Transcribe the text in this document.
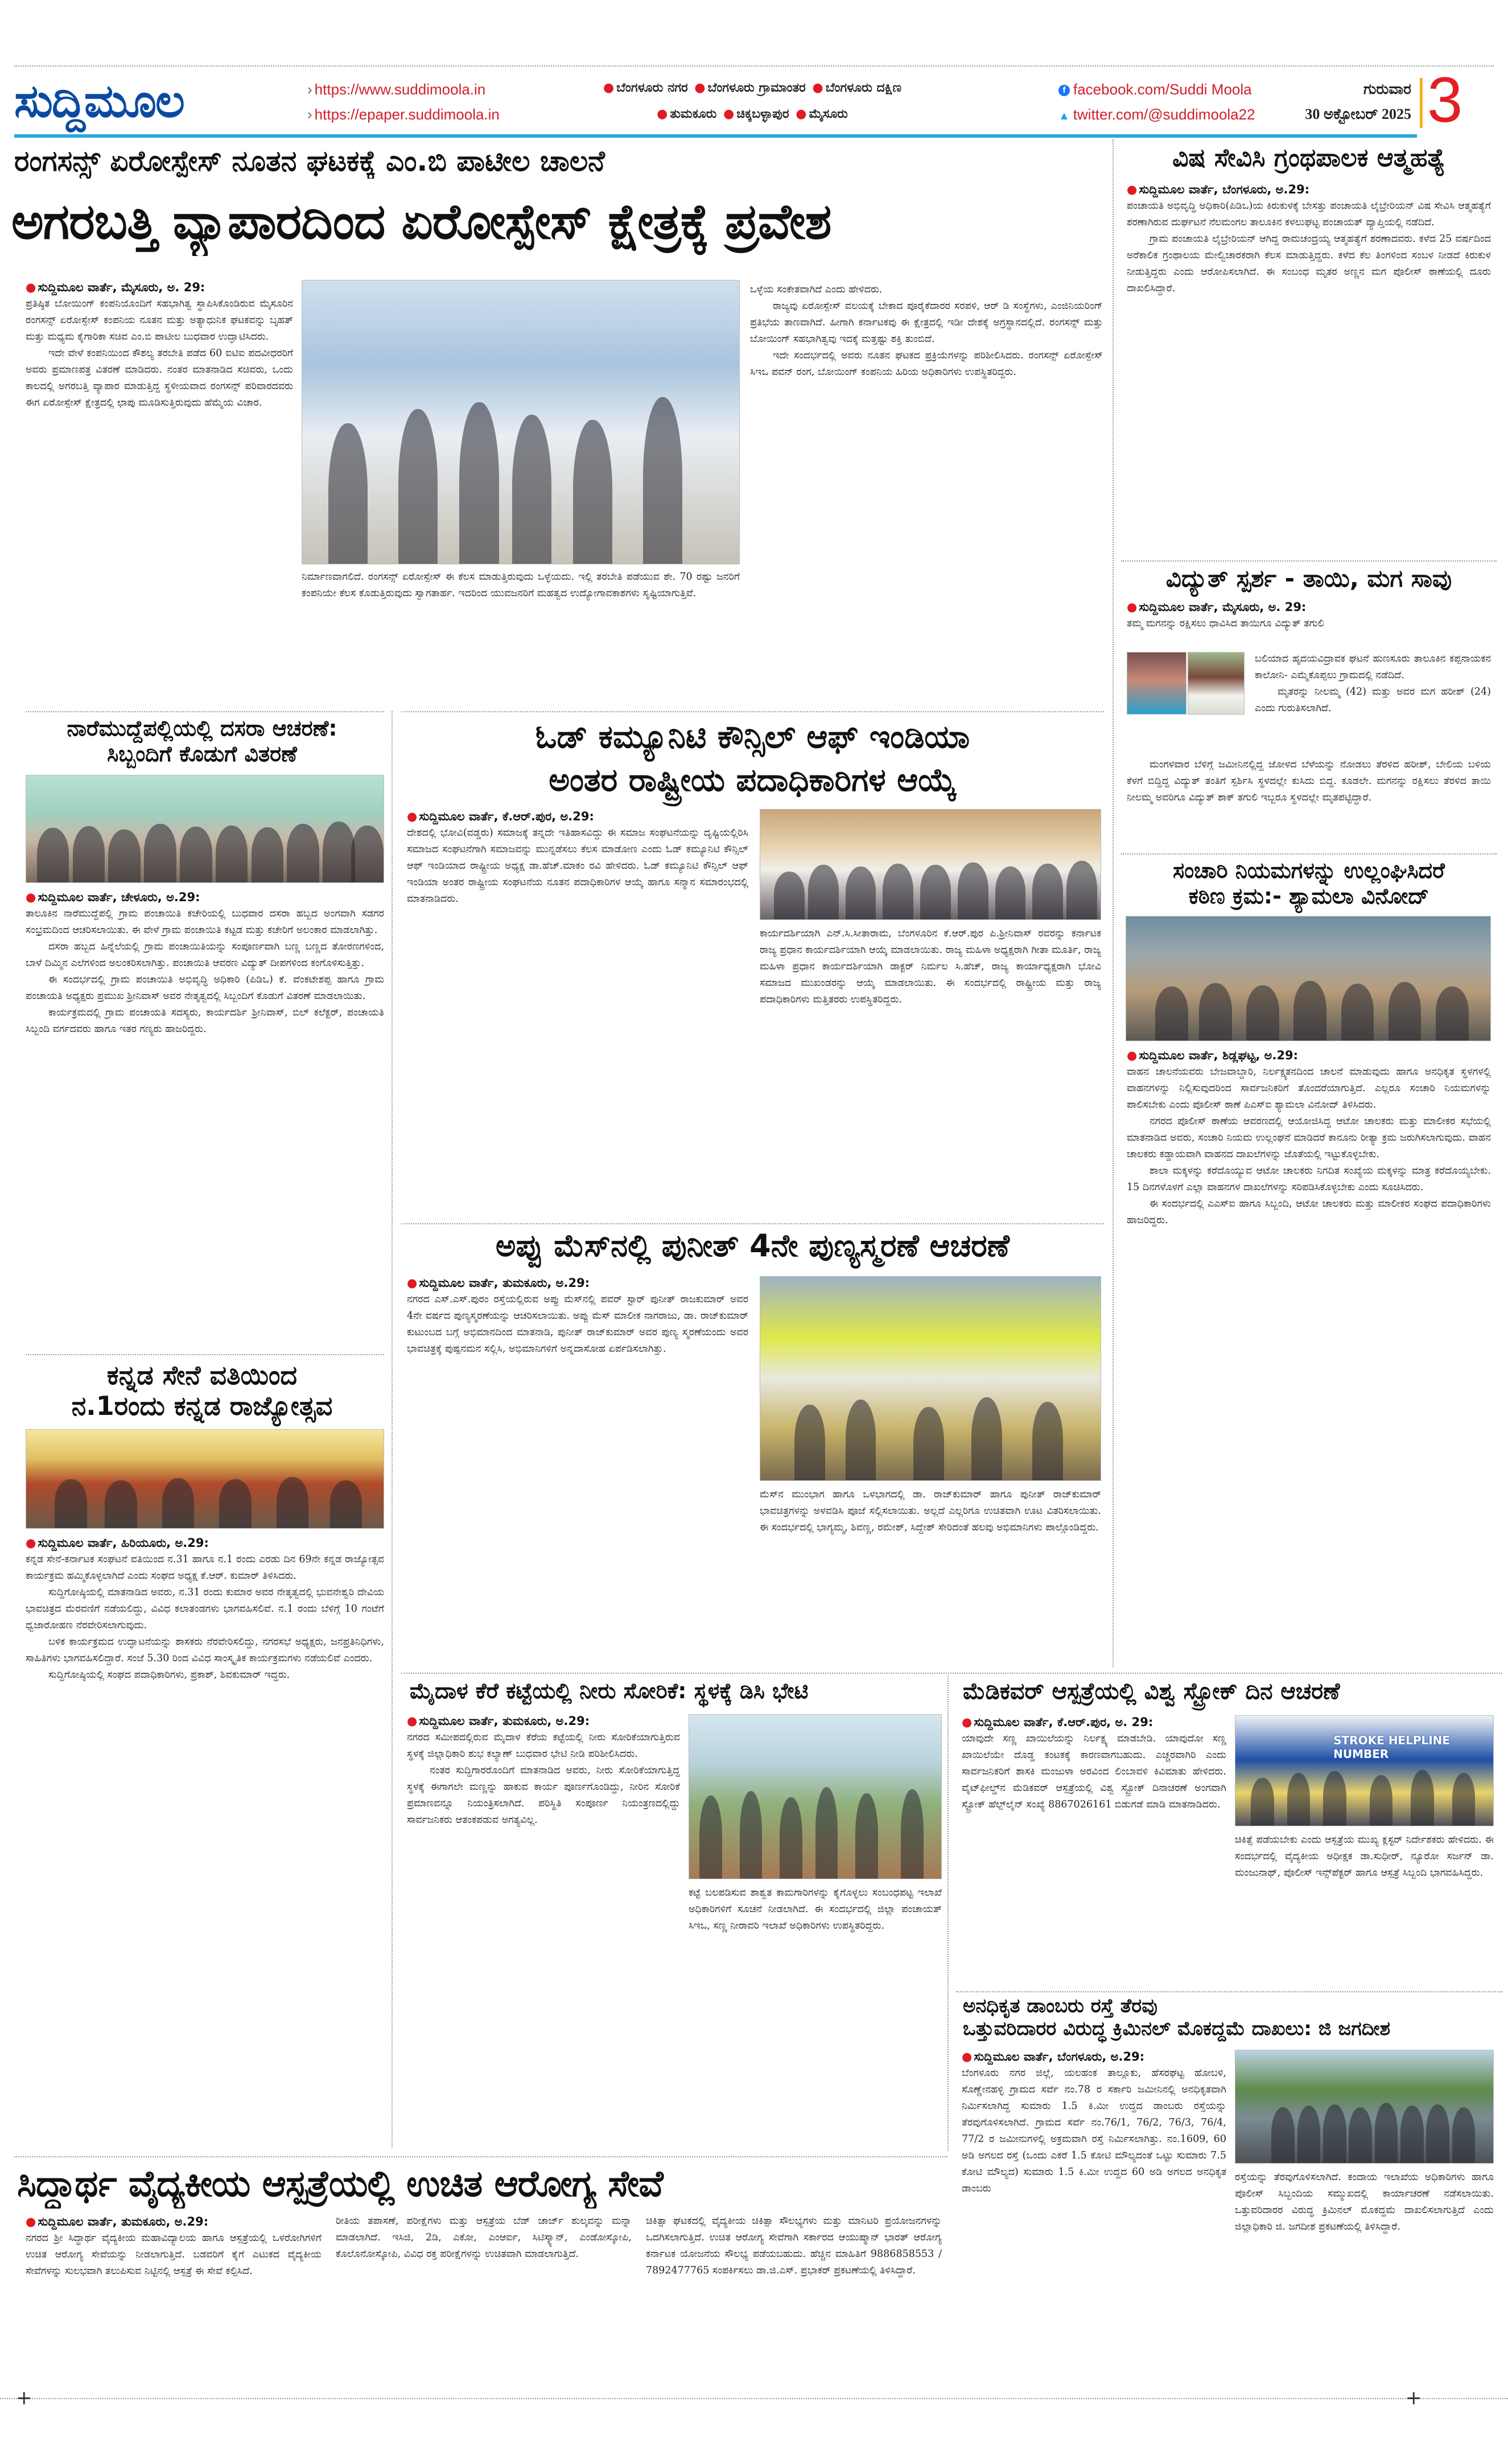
ಸುದ್ದಿಮೂಲ	› https://www.suddimoola.in
› https://epaper.suddimoola.in
● ಬೆಂಗಳೂರು ನಗರ ● ಬೆಂಗಳೂರು ಗ್ರಾಮಾಂತರ ● ಬೆಂಗಳೂರು ದಕ್ಷಿಣ
● ತುಮಕೂರು ● ಚಿಕ್ಕಬಳ್ಳಾಪುರ ● ಮೈಸೂರು
f facebook.com/Suddi Moola
▲ twitter.com/@suddimoola22
ಗುರುವಾರ
30 ಅಕ್ಟೋಬರ್ 2025 3
ರಂಗಸನ್ಸ್ ಏರೋಸ್ಪೇಸ್ ನೂತನ ಘಟಕಕ್ಕೆ ಎಂ.ಬಿ ಪಾಟೀಲ ಚಾಲನೆ
ಅಗರಬತ್ತಿ ವ್ಯಾಪಾರದಿಂದ ಏರೋಸ್ಪೇಸ್ ಕ್ಷೇತ್ರಕ್ಕೆ ಪ್ರವೇಶ
● ಸುದ್ದಿಮೂಲ ವಾರ್ತೆ, ಮೈಸೂರು, ಅ. 29:

ಪ್ರತಿಷ್ಠಿತ ಬೋಯಿಂಗ್ ಕಂಪನಿಯೊಂದಿಗೆ ಸಹಭಾಗಿತ್ವ ಸ್ಥಾಪಿಸಿಕೊಂಡಿರುವ ಮೈಸೂರಿನ ರಂಗಸನ್ಸ್ ಏರೋಸ್ಪೇಸ್ ಕಂಪನಿಯ ನೂತನ ಮತ್ತು ಅತ್ಯಾಧುನಿಕ ಘಟಕವನ್ನು ಬೃಹತ್ ಮತ್ತು ಮಧ್ಯಮ ಕೈಗಾರಿಕಾ ಸಚಿವ ಎಂ.ಬಿ ಪಾಟೀಲ ಬುಧವಾರ ಉದ್ಘಾಟಿಸಿದರು.

ಇದೇ ವೇಳೆ ಕಂಪನಿಯಿಂದ ಕೌಶಲ್ಯ ತರಬೇತಿ ಪಡೆದ 60 ಐಟಿಐ ಪದವೀಧರರಿಗೆ ಅವರು ಪ್ರಮಾಣಪತ್ರ ವಿತರಣೆ ಮಾಡಿದರು. ನಂತರ ಮಾತನಾಡಿದ ಸಚಿವರು, ಒಂದು ಕಾಲದಲ್ಲಿ ಅಗರಬತ್ತಿ ವ್ಯಾಪಾರ ಮಾಡುತ್ತಿದ್ದ ಸ್ಥಳೀಯವಾದ ರಂಗಸನ್ಸ್ ಪರಿವಾರದವರು ಈಗ ಏರೋಸ್ಪೇಸ್ ಕ್ಷೇತ್ರದಲ್ಲಿ ಛಾಪು ಮೂಡಿಸುತ್ತಿರುವುದು ಹೆಮ್ಮೆಯ ವಿಚಾರ.

ನಿರ್ಮಾಣವಾಗಲಿದೆ. ರಂಗಸನ್ಸ್ ಏರೋಸ್ಪೇಸ್ ಈ ಕೆಲಸ ಮಾಡುತ್ತಿರುವುದು ಒಳ್ಳೆಯದು. ಇಲ್ಲಿ ತರಬೇತಿ ಪಡೆಯುವ ಶೇ. 70 ರಷ್ಟು ಜನರಿಗೆ ಕಂಪನಿಯೇ ಕೆಲಸ ಕೊಡುತ್ತಿರುವುದು ಸ್ವಾಗತಾರ್ಹ. ಇದರಿಂದ ಯುವಜನರಿಗೆ ಮಹತ್ವದ ಉದ್ಯೋಗಾವಕಾಶಗಳು ಸೃಷ್ಟಿಯಾಗುತ್ತಿವೆ.

ಒಳ್ಳೆಯ ಸಂಕೇತವಾಗಿದೆ ಎಂದು ಹೇಳಿದರು.

ರಾಜ್ಯವು ಏರೋಸ್ಪೇಸ್ ವಲಯಕ್ಕೆ ಬೇಕಾದ ಪೂರೈಕೆದಾರರ ಸರಪಳಿ, ಆರ್ ಡಿ ಸಂಸ್ಥೆಗಳು, ಎಂಜಿನಿಯರಿಂಗ್ ಪ್ರತಿಭೆಯ ತಾಣವಾಗಿದೆ. ಹೀಗಾಗಿ ಕರ್ನಾಟಕವು ಈ ಕ್ಷೇತ್ರದಲ್ಲಿ ಇಡೀ ದೇಶಕ್ಕೆ ಅಗ್ರಸ್ಥಾನದಲ್ಲಿದೆ. ರಂಗಸನ್ಸ್ ಮತ್ತು ಬೋಯಿಂಗ್ ಸಹಭಾಗಿತ್ವವು ಇದಕ್ಕೆ ಮತ್ತಷ್ಟು ಶಕ್ತಿ ತುಂಬಿದೆ.

ಇದೇ ಸಂದರ್ಭದಲ್ಲಿ ಅವರು ನೂತನ ಘಟಕದ ಪ್ರಕ್ರಿಯೆಗಳನ್ನು ಪರಿಶೀಲಿಸಿದರು. ರಂಗಸನ್ಸ್ ಏರೋಸ್ಪೇಸ್ ಸಿಇಒ ಪವನ್ ರಂಗ, ಬೋಯಿಂಗ್ ಕಂಪನಿಯ ಹಿರಿಯ ಅಧಿಕಾರಿಗಳು ಉಪಸ್ಥಿತರಿದ್ದರು.

ವಿಷ ಸೇವಿಸಿ ಗ್ರಂಥಪಾಲಕ ಆತ್ಮಹತ್ಯೆ
● ಸುದ್ದಿಮೂಲ ವಾರ್ತೆ, ಬೆಂಗಳೂರು, ಅ.29:

ಪಂಚಾಯತಿ ಅಭಿವೃದ್ಧಿ ಅಧಿಕಾರಿ(ಪಿಡಿಒ)ಯ ಕಿರುಕುಳಕ್ಕೆ ಬೇಸತ್ತು ಪಂಚಾಯತಿ ಲೈಬ್ರೇರಿಯನ್ ವಿಷ ಸೇವಿಸಿ ಆತ್ಮಹತ್ಯೆಗೆ ಶರಣಾಗಿರುವ ದುರ್ಘಟನೆ ನೆಲಮಂಗಲ ತಾಲೂಕಿನ ಕಳಲುಘಟ್ಟ ಪಂಚಾಯತ್ ವ್ಯಾಪ್ತಿಯಲ್ಲಿ ನಡೆದಿದೆ.

ಗ್ರಾಮ ಪಂಚಾಯತಿ ಲೈಬ್ರೇರಿಯನ್ ಆಗಿದ್ದ ರಾಮಚಂದ್ರಯ್ಯ ಆತ್ಮಹತ್ಯೆಗೆ ಶರಣಾದವರು. ಕಳೆದ 25 ವರ್ಷದಿಂದ ಅರೆಕಾಲಿಕ ಗ್ರಂಥಾಲಯ ಮೇಲ್ವಿಚಾರಕರಾಗಿ ಕೆಲಸ ಮಾಡುತ್ತಿದ್ದರು. ಕಳೆದ ಕೆಲ ತಿಂಗಳಿಂದ ಸಂಬಳ ನೀಡದೆ ಕಿರುಕುಳ ನೀಡುತ್ತಿದ್ದರು ಎಂದು ಆರೋಪಿಸಲಾಗಿದೆ. ಈ ಸಂಬಂಧ ಮೃತರ ಅಣ್ಣನ ಮಗ ಪೊಲೀಸ್ ಠಾಣೆಯಲ್ಲಿ ದೂರು ದಾಖಲಿಸಿದ್ದಾರೆ.

ವಿದ್ಯುತ್ ಸ್ಪರ್ಶ - ತಾಯಿ, ಮಗ ಸಾವು
● ಸುದ್ದಿಮೂಲ ವಾರ್ತೆ, ಮೈಸೂರು, ಅ. 29:

ತಮ್ಮ ಮಗನನ್ನು ರಕ್ಷಿಸಲು ಧಾವಿಸಿದ ತಾಯಿಗೂ ವಿದ್ಯುತ್ ತಗುಲಿ

ಬಲಿಯಾದ ಹೃದಯವಿದ್ರಾವಕ ಘಟನೆ ಹುಣಸೂರು ತಾಲೂಕಿನ ಕಪ್ಪನಾಯಕನ ಕಾಲೋನಿ- ಎಮ್ಮೆಕೊಪ್ಪಲು ಗ್ರಾಮದಲ್ಲಿ ನಡೆದಿದೆ.

ಮೃತರನ್ನು ನೀಲಮ್ಮ (42) ಮತ್ತು ಅವರ ಮಗ ಹರೀಶ್ (24) ಎಂದು ಗುರುತಿಸಲಾಗಿದೆ.

ಮಂಗಳವಾರ ಬೆಳಿಗ್ಗೆ ಜಮೀನಿನಲ್ಲಿದ್ದ ಜೋಳದ ಬೆಳೆಯನ್ನು ನೋಡಲು ತೆರಳಿದ ಹರೀಶ್, ಬೇಲಿಯ ಬಳಿಯ ಕೆಳಗೆ ಬಿದ್ದಿದ್ದ ವಿದ್ಯುತ್ ತಂತಿಗೆ ಸ್ಪರ್ಶಿಸಿ ಸ್ಥಳದಲ್ಲೇ ಕುಸಿದು ಬಿದ್ದ. ಕೂಡಲೇ. ಮಗನನ್ನು ರಕ್ಷಿಸಲು ತೆರಳಿದ ತಾಯಿ ನೀಲಮ್ಮ ಅವರಿಗೂ ವಿದ್ಯುತ್ ಶಾಕ್ ತಗುಲಿ ಇಬ್ಬರೂ ಸ್ಥಳದಲ್ಲೇ ಮೃತಪಟ್ಟಿದ್ದಾರೆ.

ಸಂಚಾರಿ ನಿಯಮಗಳನ್ನು ಉಲ್ಲಂಘಿಸಿದರೆ
ಕಠಿಣ ಕ್ರಮ:- ಶ್ಯಾಮಲಾ ವಿನೋದ್
● ಸುದ್ದಿಮೂಲ ವಾರ್ತೆ, ಶಿಡ್ಲಘಟ್ಟ, ಅ.29:

ವಾಹನ ಚಾಲನೆಯವರು ಬೇಜವಾಬ್ದಾರಿ, ನಿರ್ಲಕ್ಷ್ಯತನದಿಂದ ಚಾಲನೆ ಮಾಡುವುದು ಹಾಗೂ ಅನಧಿಕೃತ ಸ್ಥಳಗಳಲ್ಲಿ ವಾಹನಗಳನ್ನು ನಿಲ್ಲಿಸುವುದರಿಂದ ಸಾರ್ವಜನಿಕರಿಗೆ ತೊಂದರೆಯಾಗುತ್ತಿದೆ. ಎಲ್ಲರೂ ಸಂಚಾರಿ ನಿಯಮಗಳನ್ನು ಪಾಲಿಸಬೇಕು ಎಂದು ಪೊಲೀಸ್ ಠಾಣೆ ಪಿಎಸ್ಐ ಶ್ಯಾಮಲಾ ವಿನೋದ್ ತಿಳಿಸಿದರು.

ನಗರದ ಪೊಲೀಸ್ ಠಾಣೆಯ ಆವರಣದಲ್ಲಿ ಆಯೋಜಿಸಿದ್ದ ಆಟೋ ಚಾಲಕರು ಮತ್ತು ಮಾಲೀಕರ ಸಭೆಯಲ್ಲಿ ಮಾತನಾಡಿದ ಅವರು, ಸಂಚಾರಿ ನಿಯಮ ಉಲ್ಲಂಘನೆ ಮಾಡಿದರೆ ಕಾನೂನು ರೀತ್ಯಾ ಕ್ರಮ ಜರುಗಿಸಲಾಗುವುದು. ವಾಹನ ಚಾಲಕರು ಕಡ್ಡಾಯವಾಗಿ ವಾಹನದ ದಾಖಲೆಗಳನ್ನು ಜೊತೆಯಲ್ಲಿ ಇಟ್ಟುಕೊಳ್ಳಬೇಕು.

ಶಾಲಾ ಮಕ್ಕಳನ್ನು ಕರೆದೊಯ್ಯುವ ಆಟೋ ಚಾಲಕರು ನಿಗದಿತ ಸಂಖ್ಯೆಯ ಮಕ್ಕಳನ್ನು ಮಾತ್ರ ಕರೆದೊಯ್ಯಬೇಕು. 15 ದಿನಗಳೊಳಗೆ ಎಲ್ಲಾ ವಾಹನಗಳ ದಾಖಲೆಗಳನ್ನು ಸರಿಪಡಿಸಿಕೊಳ್ಳಬೇಕು ಎಂದು ಸೂಚಿಸಿದರು.

ಈ ಸಂದರ್ಭದಲ್ಲಿ ಎಎಸ್ಐ ಹಾಗೂ ಸಿಬ್ಬಂದಿ, ಆಟೋ ಚಾಲಕರು ಮತ್ತು ಮಾಲೀಕರ ಸಂಘದ ಪದಾಧಿಕಾರಿಗಳು ಹಾಜರಿದ್ದರು.

ನಾರೆಮುದ್ದೆಪಲ್ಲಿಯಲ್ಲಿ ದಸರಾ ಆಚರಣೆ:
ಸಿಬ್ಬಂದಿಗೆ ಕೊಡುಗೆ ವಿತರಣೆ
● ಸುದ್ದಿಮೂಲ ವಾರ್ತೆ, ಚೇಳೂರು, ಅ.29:

ತಾಲೂಕಿನ ನಾರೆಮುದ್ದೆಪಲ್ಲಿ ಗ್ರಾಮ ಪಂಚಾಯಿತಿ ಕಚೇರಿಯಲ್ಲಿ ಬುಧವಾರ ದಸರಾ ಹಬ್ಬದ ಅಂಗವಾಗಿ ಸಡಗರ ಸಂಭ್ರಮದಿಂದ ಆಚರಿಸಲಾಯಿತು. ಈ ವೇಳೆ ಗ್ರಾಮ ಪಂಚಾಯಿತಿ ಕಟ್ಟಡ ಮತ್ತು ಕಚೇರಿಗೆ ಅಲಂಕಾರ ಮಾಡಲಾಗಿತ್ತು.

ದಸರಾ ಹಬ್ಬದ ಹಿನ್ನೆಲೆಯಲ್ಲಿ ಗ್ರಾಮ ಪಂಚಾಯಿತಿಯನ್ನು ಸಂಪೂರ್ಣವಾಗಿ ಬಣ್ಣ ಬಣ್ಣದ ತೋರಣಗಳಿಂದ, ಬಾಳೆ ದಿಮ್ಮಿನ ಎಲೆಗಳಿಂದ ಅಲಂಕರಿಸಲಾಗಿತ್ತು. ಪಂಚಾಯಿತಿ ಆವರಣ ವಿದ್ಯುತ್ ದೀಪಗಳಿಂದ ಕಂಗೊಳಿಸುತ್ತಿತ್ತು.

ಈ ಸಂದರ್ಭದಲ್ಲಿ ಗ್ರಾಮ ಪಂಚಾಯಿತಿ ಅಭಿವೃದ್ಧಿ ಅಧಿಕಾರಿ (ಪಿಡಿಒ) ಕೆ. ವೆಂಕಟೇಶಪ್ಪ ಹಾಗೂ ಗ್ರಾಮ ಪಂಚಾಯತಿ ಅಧ್ಯಕ್ಷರು ಪ್ರಮುಖ ಶ್ರೀನಿವಾಸ್ ಅವರ ನೇತೃತ್ವದಲ್ಲಿ ಸಿಬ್ಬಂದಿಗೆ ಕೊಡುಗೆ ವಿತರಣೆ ಮಾಡಲಾಯಿತು.

ಕಾರ್ಯಕ್ರಮದಲ್ಲಿ ಗ್ರಾಮ ಪಂಚಾಯತಿ ಸದಸ್ಯರು, ಕಾರ್ಯದರ್ಶಿ ಶ್ರೀನಿವಾಸ್, ಬಿಲ್ ಕಲೆಕ್ಟರ್, ಪಂಚಾಯತಿ ಸಿಬ್ಬಂದಿ ವರ್ಗದವರು ಹಾಗೂ ಇತರ ಗಣ್ಯರು ಹಾಜರಿದ್ದರು.

ಕನ್ನಡ ಸೇನೆ ವತಿಯಿಂದ
ನ.1ರಂದು ಕನ್ನಡ ರಾಜ್ಯೋತ್ಸವ
● ಸುದ್ದಿಮೂಲ ವಾರ್ತೆ, ಹಿರಿಯೂರು, ಅ.29:

ಕನ್ನಡ ಸೇನೆ-ಕರ್ನಾಟಕ ಸಂಘಟನೆ ವತಿಯಿಂದ ನ.31 ಹಾಗೂ ನ.1 ರಂದು ಎರಡು ದಿನ 69ನೇ ಕನ್ನಡ ರಾಜ್ಯೋತ್ಸವ ಕಾರ್ಯಕ್ರಮ ಹಮ್ಮಿಕೊಳ್ಳಲಾಗಿದೆ ಎಂದು ಸಂಘದ ಅಧ್ಯಕ್ಷ ಕೆ.ಆರ್. ಕುಮಾರ್ ತಿಳಿಸಿದರು.

ಸುದ್ದಿಗೋಷ್ಠಿಯಲ್ಲಿ ಮಾತನಾಡಿದ ಅವರು, ನ.31 ರಂದು ಕುಮಾರ ಅವರ ನೇತೃತ್ವದಲ್ಲಿ ಭುವನೇಶ್ವರಿ ದೇವಿಯ ಭಾವಚಿತ್ರದ ಮೆರವಣಿಗೆ ನಡೆಯಲಿದ್ದು, ವಿವಿಧ ಕಲಾತಂಡಗಳು ಭಾಗವಹಿಸಲಿವೆ. ನ.1 ರಂದು ಬೆಳಿಗ್ಗೆ 10 ಗಂಟೆಗೆ ಧ್ವಜಾರೋಹಣ ನೆರವೇರಿಸಲಾಗುವುದು.

ಬಳಿಕ ಕಾರ್ಯಕ್ರಮದ ಉದ್ಘಾಟನೆಯನ್ನು ಶಾಸಕರು ನೆರವೇರಿಸಲಿದ್ದು, ನಗರಸಭೆ ಅಧ್ಯಕ್ಷರು, ಜನಪ್ರತಿನಿಧಿಗಳು, ಸಾಹಿತಿಗಳು ಭಾಗವಹಿಸಲಿದ್ದಾರೆ. ಸಂಜೆ 5.30 ರಿಂದ ವಿವಿಧ ಸಾಂಸ್ಕೃತಿಕ ಕಾರ್ಯಕ್ರಮಗಳು ನಡೆಯಲಿವೆ ಎಂದರು.

ಸುದ್ದಿಗೋಷ್ಠಿಯಲ್ಲಿ ಸಂಘದ ಪದಾಧಿಕಾರಿಗಳು, ಪ್ರಕಾಶ್, ಶಿವಕುಮಾರ್ ಇದ್ದರು.

ಓಡ್ ಕಮ್ಯೂನಿಟಿ ಕೌನ್ಸಿಲ್ ಆಫ್ ಇಂಡಿಯಾ
ಅಂತರ ರಾಷ್ಟ್ರೀಯ ಪದಾಧಿಕಾರಿಗಳ ಆಯ್ಕೆ
● ಸುದ್ದಿಮೂಲ ವಾರ್ತೆ, ಕೆ.ಆರ್.ಪುರ, ಅ.29:

ದೇಶದಲ್ಲಿ ಭೋವಿ(ವಡ್ಡರು) ಸಮಾಜಕ್ಕೆ ತನ್ನದೇ ಇತಿಹಾಸವಿದ್ದು ಈ ಸಮಾಜ ಸಂಘಟನೆಯನ್ನು ದೃಷ್ಟಿಯಲ್ಲಿರಿಸಿ ಸಮಾಜದ ಸಂಘಟನೆಗಾಗಿ ಸಮಾಜವನ್ನು ಮುನ್ನಡೆಸಲು ಕೆಲಸ ಮಾಡೋಣ ಎಂದು ಓಡ್ ಕಮ್ಯೂನಿಟಿ ಕೌನ್ಸಿಲ್ ಆಫ್ ಇಂಡಿಯಾದ ರಾಷ್ಟ್ರೀಯ ಅಧ್ಯಕ್ಷ ಡಾ.ಹೆಚ್.ಮಾಕಂ ರವಿ ಹೇಳಿದರು. ಓಡ್ ಕಮ್ಯೂನಿಟಿ ಕೌನ್ಸಿಲ್ ಆಫ್ ಇಂಡಿಯಾ ಅಂತರ ರಾಷ್ಟ್ರೀಯ ಸಂಘಟನೆಯ ನೂತನ ಪದಾಧಿಕಾರಿಗಳ ಆಯ್ಕೆ ಹಾಗೂ ಸನ್ಮಾನ ಸಮಾರಂಭದಲ್ಲಿ ಮಾತನಾಡಿದರು.

ಕಾರ್ಯದರ್ಶಿಯಾಗಿ ಎನ್.ಸಿ.ಸೀತಾರಾಮ, ಬೆಂಗಳೂರಿನ ಕೆ.ಆರ್.ಪುರ ಪಿ.ಶ್ರೀನಿವಾಸ್ ರವರನ್ನು ಕರ್ನಾಟಕ ರಾಜ್ಯ ಪ್ರಧಾನ ಕಾರ್ಯದರ್ಶಿಯಾಗಿ ಆಯ್ಕೆ ಮಾಡಲಾಯಿತು. ರಾಜ್ಯ ಮಹಿಳಾ ಅಧ್ಯಕ್ಷರಾಗಿ ಗೀತಾ ಮೂರ್ತಿ, ರಾಜ್ಯ ಮಹಿಳಾ ಪ್ರಧಾನ ಕಾರ್ಯದರ್ಶಿಯಾಗಿ ಡಾಕ್ಟರ್ ನಿರ್ಮಲ ಸಿ.ಹೆಚ್, ರಾಜ್ಯ ಕಾರ್ಯಾಧ್ಯಕ್ಷರಾಗಿ ಭೋವಿ ಸಮಾಜದ ಮುಖಂಡರನ್ನು ಆಯ್ಕೆ ಮಾಡಲಾಯಿತು. ಈ ಸಂದರ್ಭದಲ್ಲಿ ರಾಷ್ಟ್ರೀಯ ಮತ್ತು ರಾಜ್ಯ ಪದಾಧಿಕಾರಿಗಳು ಮತ್ತಿತರರು ಉಪಸ್ಥಿತರಿದ್ದರು.

ಅಪ್ಪು ಮೆಸ್‌ನಲ್ಲಿ ಪುನೀತ್ 4ನೇ ಪುಣ್ಯಸ್ಮರಣೆ ಆಚರಣೆ
● ಸುದ್ದಿಮೂಲ ವಾರ್ತೆ, ತುಮಕೂರು, ಅ.29:

ನಗರದ ಎಸ್.ಎಸ್.ಪುರಂ ರಸ್ತೆಯಲ್ಲಿರುವ ಅಪ್ಪು ಮೆಸ್‌ನಲ್ಲಿ ಪವರ್ ಸ್ಟಾರ್ ಪುನೀತ್ ರಾಜಕುಮಾರ್ ಅವರ 4ನೇ ವರ್ಷದ ಪುಣ್ಯಸ್ಮರಣೆಯನ್ನು ಆಚರಿಸಲಾಯಿತು. ಅಪ್ಪು ಮೆಸ್ ಮಾಲೀಕ ನಾಗರಾಜು, ಡಾ. ರಾಜ್‌ಕುಮಾರ್ ಕುಟುಂಬದ ಬಗ್ಗೆ ಅಭಿಮಾನದಿಂದ ಮಾತನಾಡಿ, ಪುನೀತ್ ರಾಜ್‌ಕುಮಾರ್ ಅವರ ಪುಣ್ಯ ಸ್ಮರಣೆಯಂದು ಅವರ ಭಾವಚಿತ್ರಕ್ಕೆ ಪುಷ್ಪನಮನ ಸಲ್ಲಿಸಿ, ಅಭಿಮಾನಿಗಳಿಗೆ ಅನ್ನದಾಸೋಹ ಏರ್ಪಡಿಸಲಾಗಿತ್ತು.

ಮೆಸ್‌ನ ಮುಂಭಾಗ ಹಾಗೂ ಒಳಭಾಗದಲ್ಲಿ ಡಾ. ರಾಜ್‌ಕುಮಾರ್ ಹಾಗೂ ಪುನೀತ್ ರಾಜ್‌ಕುಮಾರ್ ಭಾವಚಿತ್ರಗಳನ್ನು ಅಳವಡಿಸಿ ಪೂಜೆ ಸಲ್ಲಿಸಲಾಯಿತು. ಅಲ್ಲದೆ ಎಲ್ಲರಿಗೂ ಉಚಿತವಾಗಿ ಊಟ ವಿತರಿಸಲಾಯಿತು. ಈ ಸಂದರ್ಭದಲ್ಲಿ ಭಾಗ್ಯಮ್ಮ, ಶಿವಣ್ಣ, ರಮೇಶ್, ಸಿದ್ದೇಶ್ ಸೇರಿದಂತೆ ಹಲವು ಅಭಿಮಾನಿಗಳು ಪಾಲ್ಗೊಂಡಿದ್ದರು.

ಮೈದಾಳ ಕೆರೆ ಕಟ್ಟೆಯಲ್ಲಿ ನೀರು ಸೋರಿಕೆ: ಸ್ಥಳಕ್ಕೆ ಡಿಸಿ ಭೇಟಿ
● ಸುದ್ದಿಮೂಲ ವಾರ್ತೆ, ತುಮಕೂರು, ಅ.29:

ನಗರದ ಸಮೀಪದಲ್ಲಿರುವ ಮೈದಾಳ ಕೆರೆಯ ಕಟ್ಟೆಯಲ್ಲಿ ನೀರು ಸೋರಿಕೆಯಾಗುತ್ತಿರುವ ಸ್ಥಳಕ್ಕೆ ಜಿಲ್ಲಾಧಿಕಾರಿ ಶುಭ ಕಲ್ಯಾಣ್ ಬುಧವಾರ ಭೇಟಿ ನೀಡಿ ಪರಿಶೀಲಿಸಿದರು.

ನಂತರ ಸುದ್ದಿಗಾರರೊಂದಿಗೆ ಮಾತನಾಡಿದ ಅವರು, ನೀರು ಸೋರಿಕೆಯಾಗುತ್ತಿದ್ದ ಸ್ಥಳಕ್ಕೆ ಈಗಾಗಲೇ ಮಣ್ಣನ್ನು ಹಾಕುವ ಕಾರ್ಯ ಪೂರ್ಣಗೊಂಡಿದ್ದು, ನೀರಿನ ಸೋರಿಕೆ ಪ್ರಮಾಣವನ್ನೂ ನಿಯಂತ್ರಿಸಲಾಗಿದೆ. ಪರಿಸ್ಥಿತಿ ಸಂಪೂರ್ಣ ನಿಯಂತ್ರಣದಲ್ಲಿದ್ದು ಸಾರ್ವಜನಿಕರು ಆತಂಕಪಡುವ ಅಗತ್ಯವಿಲ್ಲ.

ಕಟ್ಟೆ ಬಲಪಡಿಸುವ ಶಾಶ್ವತ ಕಾಮಗಾರಿಗಳನ್ನು ಕೈಗೊಳ್ಳಲು ಸಂಬಂಧಪಟ್ಟ ಇಲಾಖೆ ಅಧಿಕಾರಿಗಳಿಗೆ ಸೂಚನೆ ನೀಡಲಾಗಿದೆ. ಈ ಸಂದರ್ಭದಲ್ಲಿ ಜಿಲ್ಲಾ ಪಂಚಾಯತ್ ಸಿಇಒ, ಸಣ್ಣ ನೀರಾವರಿ ಇಲಾಖೆ ಅಧಿಕಾರಿಗಳು ಉಪಸ್ಥಿತರಿದ್ದರು.

ಮೆಡಿಕವರ್ ಆಸ್ಪತ್ರೆಯಲ್ಲಿ ವಿಶ್ವ ಸ್ಟ್ರೋಕ್ ದಿನ ಆಚರಣೆ
● ಸುದ್ದಿಮೂಲ ವಾರ್ತೆ, ಕೆ.ಆರ್.ಪುರ, ಅ. 29:

ಯಾವುದೇ ಸಣ್ಣ ಖಾಯಿಲೆಯನ್ನು ನಿರ್ಲಕ್ಷ್ಯ ಮಾಡಬೇಡಿ. ಯಾವುದೋ ಸಣ್ಣ ಖಾಯಿಲೆಯೇ ದೊಡ್ಡ ಕಂಟಕಕ್ಕೆ ಕಾರಣವಾಗಬಹುದು. ಎಚ್ಚರವಾಗಿರಿ ಎಂದು ಸಾರ್ವಜನಿಕರಿಗೆ ಶಾಸಕಿ ಮಂಜುಳಾ ಅರವಿಂದ ಲಿಂಬಾವಳಿ ಕಿವಿಮಾತು ಹೇಳಿದರು. ವೈಟ್‌ಫೀಲ್ಡ್‌ನ ಮೆಡಿಕವರ್ ಆಸ್ಪತ್ರೆಯಲ್ಲಿ ವಿಶ್ವ ಸ್ಟ್ರೋಕ್ ದಿನಾಚರಣೆ ಅಂಗವಾಗಿ ಸ್ಟ್ರೋಕ್ ಹೆಲ್ಪ್‌ಲೈನ್ ಸಂಖ್ಯೆ 8867026161 ಬಿಡುಗಡೆ ಮಾಡಿ ಮಾತನಾಡಿದರು.

STROKE HELPLINE NUMBER

ಚಿಕಿತ್ಸೆ ಪಡೆಯಬೇಕು ಎಂದು ಆಸ್ಪತ್ರೆಯ ಮುಖ್ಯ ಕ್ಲಸ್ಟರ್ ನಿರ್ದೇಶಕರು ಹೇಳಿದರು. ಈ ಸಂದರ್ಭದಲ್ಲಿ ವೈದ್ಯಕೀಯ ಅಧೀಕ್ಷಕ ಡಾ.ಸುಧೀರ್, ನ್ಯೂರೋ ಸರ್ಜನ್ ಡಾ. ಮಂಜುನಾಥ್, ಪೊಲೀಸ್ ಇನ್ಸ್‌ಪೆಕ್ಟರ್ ಹಾಗೂ ಆಸ್ಪತ್ರೆ ಸಿಬ್ಬಂದಿ ಭಾಗವಹಿಸಿದ್ದರು.

ಅನಧಿಕೃತ ಡಾಂಬರು ರಸ್ತೆ ತೆರವು
ಒತ್ತುವರಿದಾರರ ವಿರುದ್ಧ ಕ್ರಿಮಿನಲ್ ಮೊಕದ್ದಮೆ ದಾಖಲು: ಜಿ ಜಗದೀಶ
● ಸುದ್ದಿಮೂಲ ವಾರ್ತೆ, ಬೆಂಗಳೂರು, ಅ.29:

ಬೆಂಗಳೂರು ನಗರ ಜಿಲ್ಲೆ, ಯಲಹಂಕ ತಾಲ್ಲೂಕು, ಹೆಸರಘಟ್ಟ ಹೋಬಳಿ, ಸೊಣ್ಣೇನಹಳ್ಳಿ ಗ್ರಾಮದ ಸರ್ವೆ ನಂ.78 ರ ಸರ್ಕಾರಿ ಜಮೀನಿನಲ್ಲಿ ಅನಧಿಕೃತವಾಗಿ ನಿರ್ಮಿಸಲಾಗಿದ್ದ ಸುಮಾರು 1.5 ಕಿ.ಮೀ ಉದ್ದದ ಡಾಂಬರು ರಸ್ತೆಯನ್ನು ತೆರವುಗೊಳಿಸಲಾಗಿದೆ. ಗ್ರಾಮದ ಸರ್ವೆ ನಂ.76/1, 76/2, 76/3, 76/4, 77/2 ರ ಜಮೀನುಗಳಲ್ಲಿ ಅಕ್ರಮವಾಗಿ ರಸ್ತೆ ನಿರ್ಮಿಸಲಾಗಿತ್ತು. ನಂ.1609, 60 ಅಡಿ ಅಗಲದ ರಸ್ತೆ (ಒಂದು ಎಕರೆ 1.5 ಕೋಟಿ ಮೌಲ್ಯದಂತೆ ಒಟ್ಟು ಸುಮಾರು 7.5 ಕೋಟಿ ಮೌಲ್ಯದ) ಸುಮಾರು 1.5 ಕಿ.ಮೀ ಉದ್ದದ 60 ಅಡಿ ಅಗಲದ ಅನಧಿಕೃತ ಡಾಂಬರು

ರಸ್ತೆಯನ್ನು ತೆರವುಗೊಳಿಸಲಾಗಿದೆ. ಕಂದಾಯ ಇಲಾಖೆಯ ಅಧಿಕಾರಿಗಳು ಹಾಗೂ ಪೊಲೀಸ್ ಸಿಬ್ಬಂದಿಯ ಸಮ್ಮುಖದಲ್ಲಿ ಕಾರ್ಯಾಚರಣೆ ನಡೆಸಲಾಯಿತು. ಒತ್ತುವರಿದಾರರ ವಿರುದ್ಧ ಕ್ರಿಮಿನಲ್ ಮೊಕದ್ದಮೆ ದಾಖಲಿಸಲಾಗುತ್ತಿದೆ ಎಂದು ಜಿಲ್ಲಾಧಿಕಾರಿ ಜಿ. ಜಗದೀಶ ಪ್ರಕಟಣೆಯಲ್ಲಿ ತಿಳಿಸಿದ್ದಾರೆ.

ಸಿದ್ಧಾರ್ಥ ವೈದ್ಯಕೀಯ ಆಸ್ಪತ್ರೆಯಲ್ಲಿ ಉಚಿತ ಆರೋಗ್ಯ ಸೇವೆ
● ಸುದ್ದಿಮೂಲ ವಾರ್ತೆ, ತುಮಕೂರು, ಅ.29:

ನಗರದ ಶ್ರೀ ಸಿದ್ಧಾರ್ಥ ವೈದ್ಯಕೀಯ ಮಹಾವಿದ್ಯಾಲಯ ಹಾಗೂ ಆಸ್ಪತ್ರೆಯಲ್ಲಿ ಒಳರೋಗಿಗಳಿಗೆ ಉಚಿತ ಆರೋಗ್ಯ ಸೇವೆಯನ್ನು ನೀಡಲಾಗುತ್ತಿದೆ. ಬಡವರಿಗೆ ಕೈಗೆ ಎಟುಕದ ವೈದ್ಯಕೀಯ ಸೇವೆಗಳನ್ನು ಸುಲಭವಾಗಿ ತಲುಪಿಸುವ ನಿಟ್ಟಿನಲ್ಲಿ ಆಸ್ಪತ್ರೆ ಈ ಸೇವೆ ಕಲ್ಪಿಸಿದೆ.

ರೀತಿಯ ತಪಾಸಣೆ, ಪರೀಕ್ಷೆಗಳು ಮತ್ತು ಆಸ್ಪತ್ರೆಯ ಬೆಡ್ ಚಾರ್ಜ್ ಶುಲ್ಕವನ್ನು ಮನ್ನಾ ಮಾಡಲಾಗಿದೆ. ಇಸಿಜಿ, 2ಡಿ, ಎಕೋ, ಎಂಆರ್ಐ, ಸಿಟಿಸ್ಕ್ಯಾನ್, ಎಂಡೋಸ್ಕೋಪಿ, ಕೊಲೊನೋಸ್ಕೋಪಿ, ವಿವಿಧ ರಕ್ತ ಪರೀಕ್ಷೆಗಳನ್ನು ಉಚಿತವಾಗಿ ಮಾಡಲಾಗುತ್ತಿದೆ.

ಚಿಕಿತ್ಸಾ ಘಟಕದಲ್ಲಿ ವೈದ್ಯಕೀಯ ಚಿಕಿತ್ಸಾ ಸೌಲಭ್ಯಗಳು ಮತ್ತು ಮಾನಿಟರಿ ಪ್ರಯೋಜನಗಳನ್ನು ಒದಗಿಸಲಾಗುತ್ತಿದೆ. ಉಚಿತ ಆರೋಗ್ಯ ಸೇವೆಗಾಗಿ ಸರ್ಕಾರದ ಆಯುಷ್ಮಾನ್ ಭಾರತ್ ಆರೋಗ್ಯ ಕರ್ನಾಟಕ ಯೋಜನೆಯ ಸೌಲಭ್ಯ ಪಡೆಯಬಹುದು. ಹೆಚ್ಚಿನ ಮಾಹಿತಿಗೆ 9886858553 / 7892477765 ಸಂಪರ್ಕಿಸಲು ಡಾ.ಜಿ.ಎಸ್. ಪ್ರಭಾಕರ್ ಪ್ರಕಟಣೆಯಲ್ಲಿ ತಿಳಿಸಿದ್ದಾರೆ.

+
+
